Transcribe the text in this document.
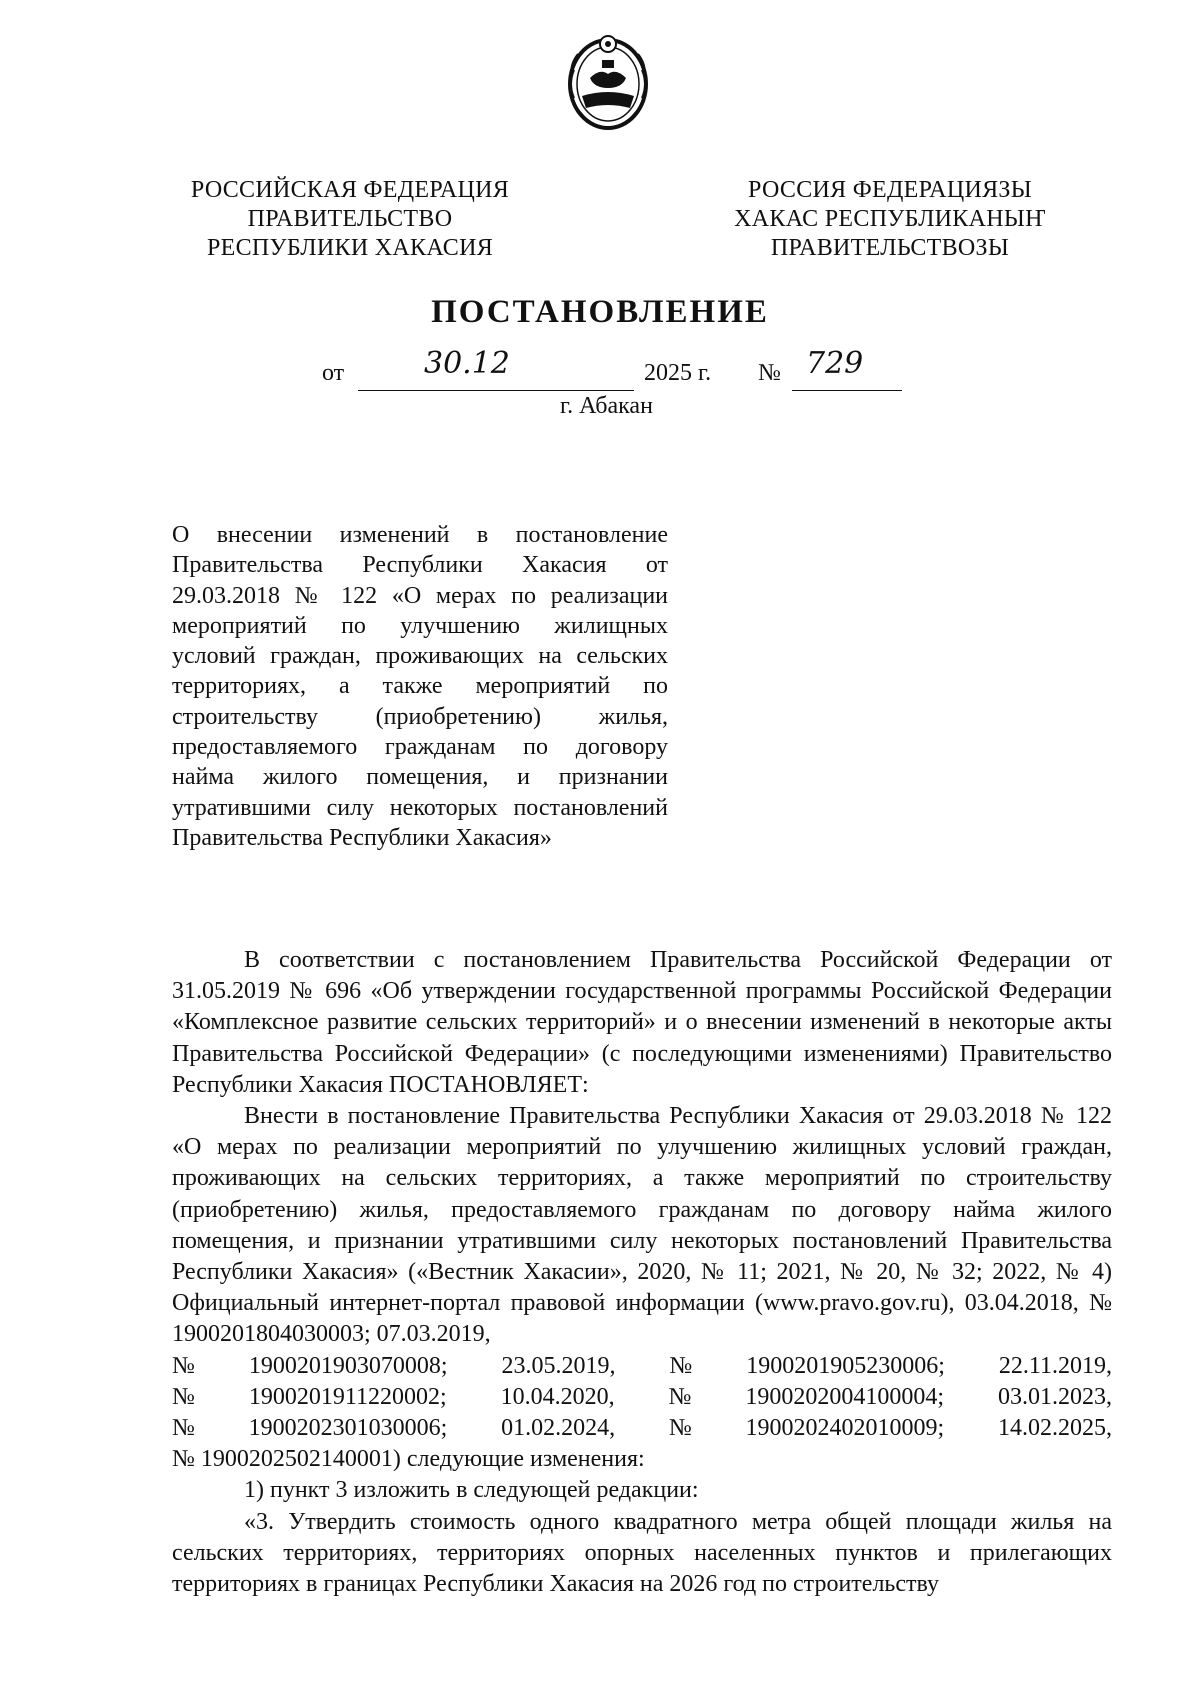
РОССИЙСКАЯ ФЕДЕРАЦИЯ
ПРАВИТЕЛЬСТВО
РЕСПУБЛИКИ ХАКАСИЯ
РОССИЯ ФЕДЕРАЦИЯЗЫ
ХАКАС РЕСПУБЛИКАНЫҤ
ПРАВИТЕЛЬСТВОЗЫ
ПОСТАНОВЛЕНИЕ
от	30.12	2025 г. № 729
г. Абакан
О внесении изменений в постановление Правительства Республики Хакасия от 29.03.2018 № 122 «О мерах по реализации мероприятий по улучшению жилищных условий граждан, проживающих на сельских территориях, а также мероприятий по строительству (приобретению) жилья, предоставляемого гражданам по договору найма жилого помещения, и признании утратившими силу некоторых постановлений Правительства Республики Хакасия»

В соответствии с постановлением Правительства Российской Федерации от 31.05.2019 № 696 «Об утверждении государственной программы Российской Федерации «Комплексное развитие сельских территорий» и о внесении изменений в некоторые акты Правительства Российской Федерации» (с последующими изменениями) Правительство Республики Хакасия ПОСТАНОВЛЯЕТ:

Внести в постановление Правительства Республики Хакасия от 29.03.2018 № 122 «О мерах по реализации мероприятий по улучшению жилищных условий граждан, проживающих на сельских территориях, а также мероприятий по строительству (приобретению) жилья, предоставляемого гражданам по договору найма жилого помещения, и признании утратившими силу некоторых постановлений Правительства Республики Хакасия» («Вестник Хакасии», 2020, № 11; 2021, № 20, № 32; 2022, № 4) Официальный интернет-портал правовой информации (www.pravo.gov.ru), 03.04.2018, № 1900201804030003; 07.03.2019,

№ 1900201903070008; 23.05.2019, № 1900201905230006; 22.11.2019,
№ 1900201911220002; 10.04.2020, № 1900202004100004; 03.01.2023,
№ 1900202301030006; 01.02.2024, № 1900202402010009; 14.02.2025,

№ 1900202502140001) следующие изменения:

1) пункт 3 изложить в следующей редакции:

«3. Утвердить стоимость одного квадратного метра общей площади жилья на сельских территориях, территориях опорных населенных пунктов и прилегающих территориях в границах Республики Хакасия на 2026 год по строительству
